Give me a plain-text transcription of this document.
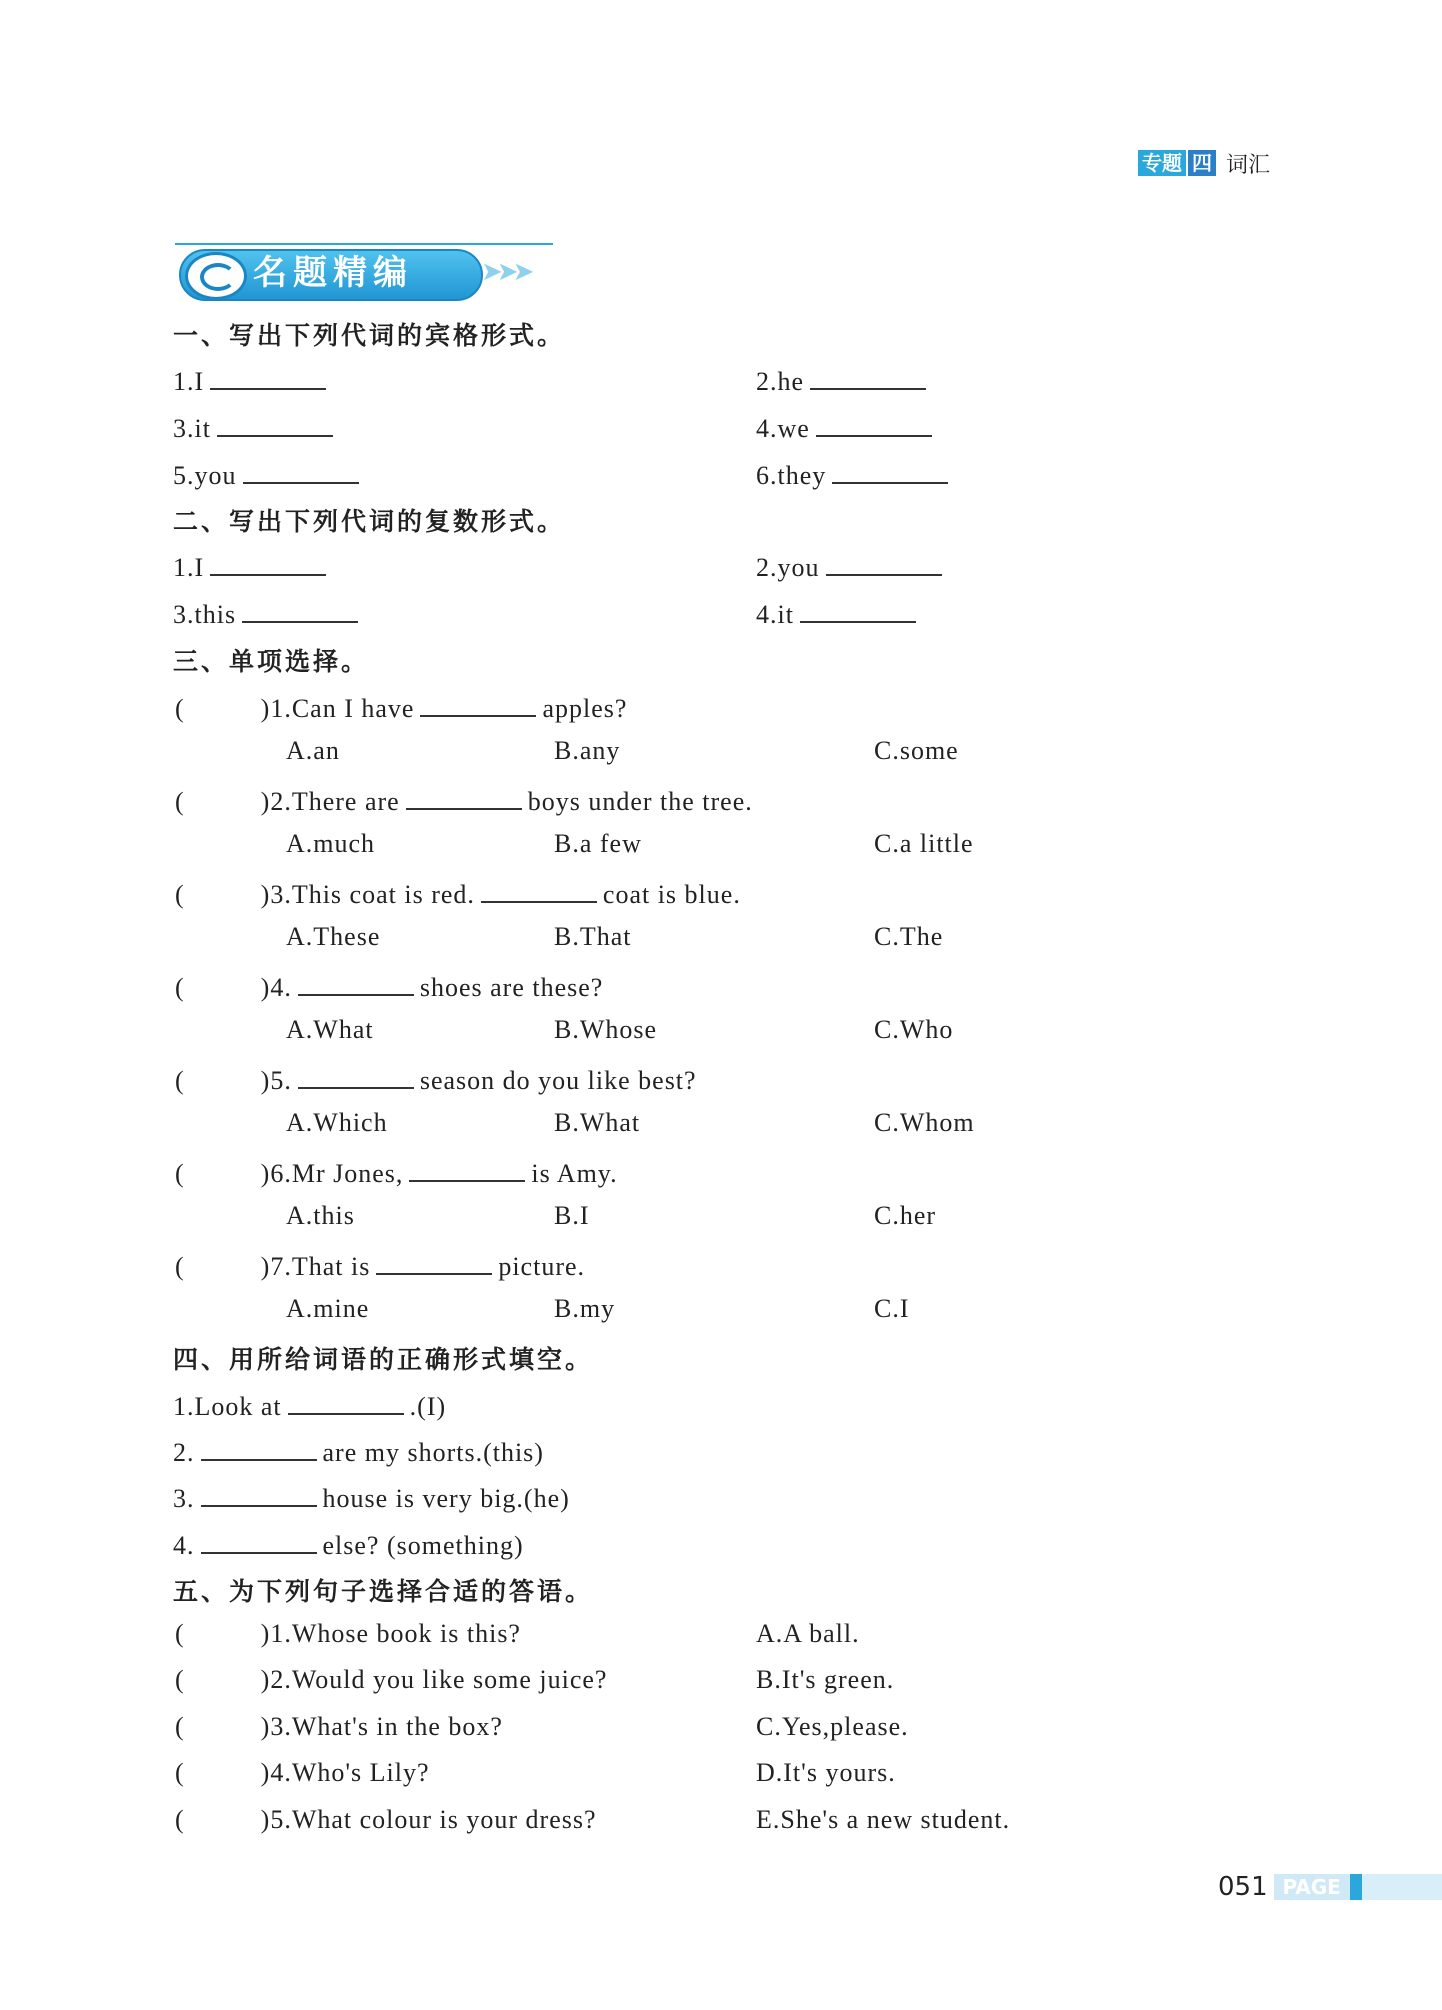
专题 四 词汇
名题精编	➤➤➤
一、写出下列代词的宾格形式。
1.I	2.he
3.it	4.we
5.you	6.they
二、写出下列代词的复数形式。
1.I	2.you
3.this	4.it
三、单项选择。
(	)1.Can I have	apples?
A.an	B.any	C.some
(	)2.There are	boys under the tree.
A.much	B.a few	C.a little
(	)3.This coat is red.	coat is blue.
A.These	B.That	C.The
(	)4.	shoes are these?
A.What	B.Whose	C.Who
(	)5.	season do you like best?
A.Which	B.What	C.Whom
(	)6.Mr Jones,	is Amy.
A.this	B.I	C.her
(	)7.That is	picture.
A.mine	B.my	C.I
四、用所给词语的正确形式填空。
1.Look at	.(I)
2.	are my shorts.(this)
3.	house is very big.(he)
4.	else? (something)
五、为下列句子选择合适的答语。
(	)1.Whose book is this?	A.A ball.
(	)2.Would you like some juice?	B.It's green.
(	)3.What's in the box?	C.Yes,please.
(	)4.Who's Lily?	D.It's yours.
(	)5.What colour is your dress?	E.She's a new student.
051 PAGE
